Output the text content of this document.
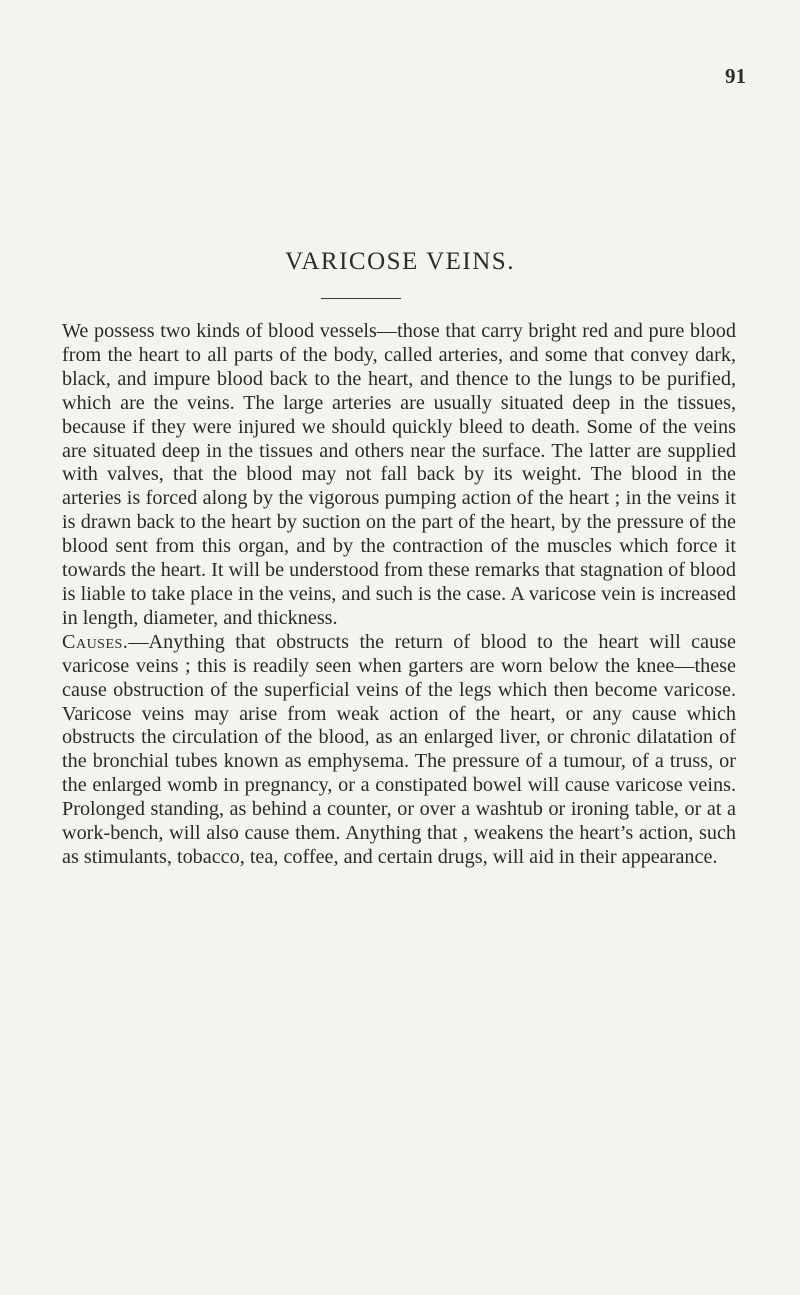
91
VARICOSE VEINS.

We possess two kinds of blood vessels—those that carry bright red and pure blood from the heart to all parts of the body, called arteries, and some that convey dark, black, and impure blood back to the heart, and thence to the lungs to be purified, which are the veins. The large arteries are usually situated deep in the tissues, because if they were injured we should quickly bleed to death. Some of the veins are situated deep in the tissues and others near the surface. The latter are supplied with valves, that the blood may not fall back by its weight. The blood in the arteries is forced along by the vigorous pumping action of the heart ; in the veins it is drawn back to the heart by suction on the part of the heart, by the pressure of the blood sent from this organ, and by the contraction of the muscles which force it towards the heart. It will be understood from these remarks that stagnation of blood is liable to take place in the veins, and such is the case. A varicose vein is increased in length, diameter, and thickness.

Causes.—Anything that obstructs the return of blood to the heart will cause varicose veins ; this is readily seen when garters are worn below the knee—these cause obstruction of the superficial veins of the legs which then become varicose. Varicose veins may arise from weak action of the heart, or any cause which obstructs the circulation of the blood, as an enlarged liver, or chronic dilatation of the bronchial tubes known as emphysema. The pressure of a tumour, of a truss, or the enlarged womb in pregnancy, or a constipated bowel will cause varicose veins. Prolonged standing, as behind a counter, or over a washtub or ironing table, or at a work-bench, will also cause them. Anything that , weakens the heart’s action, such as stimulants, tobacco, tea, coffee, and certain drugs, will aid in their appearance.
